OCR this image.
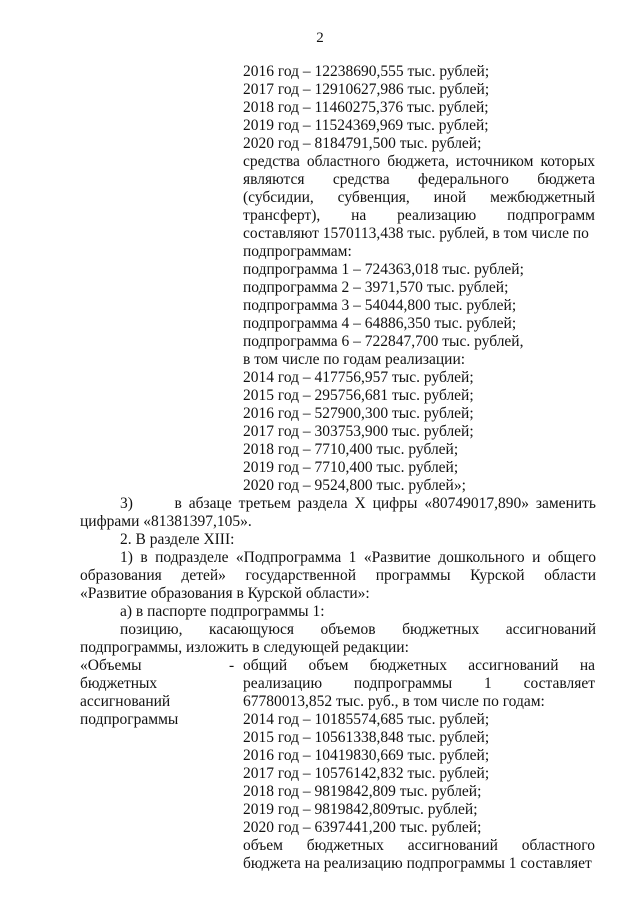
2
2016 год – 12238690,555 тыс. рублей;
2017 год – 12910627,986 тыс. рублей;
2018 год – 11460275,376 тыс. рублей;
2019 год – 11524369,969 тыс. рублей;
2020 год – 8184791,500 тыс. рублей;
средства областного бюджета, источником которых
являются средства федерального бюджета
(субсидии, субвенция, иной межбюджетный
трансферт), на реализацию подпрограмм
составляют 1570113,438 тыс. рублей, в том числе по
подпрограммам:
подпрограмма 1 – 724363,018 тыс. рублей;
подпрограмма 2 – 3971,570 тыс. рублей;
подпрограмма 3 – 54044,800 тыс. рублей;
подпрограмма 4 – 64886,350 тыс. рублей;
подпрограмма 6 – 722847,700 тыс. рублей,
в том числе по годам реализации:
2014 год – 417756,957 тыс. рублей;
2015 год – 295756,681 тыс. рублей;
2016 год – 527900,300 тыс. рублей;
2017 год – 303753,900 тыс. рублей;
2018 год – 7710,400 тыс. рублей;
2019 год – 7710,400 тыс. рублей;
2020 год – 9524,800 тыс. рублей»;
3)      в абзаце третьем раздела X цифры «80749017,890» заменить
цифрами «81381397,105».
2. В разделе XIII:
1) в подразделе «Подпрограмма 1 «Развитие дошкольного и общего
образования детей» государственной программы Курской области
«Развитие образования в Курской области»:
а) в паспорте подпрограммы 1:
позицию, касающуюся объемов бюджетных ассигнований
подпрограммы, изложить в следующей редакции:
«Объемы
бюджетных
ассигнований
подпрограммы
- общий объем бюджетных ассигнований на
реализацию подпрограммы 1 составляет
67780013,852 тыс. руб., в том числе по годам:
2014 год – 10185574,685 тыс. рублей;
2015 год – 10561338,848 тыс. рублей;
2016 год – 10419830,669 тыс. рублей;
2017 год – 10576142,832 тыс. рублей;
2018 год – 9819842,809 тыс. рублей;
2019 год – 9819842,809тыс. рублей;
2020 год – 6397441,200 тыс. рублей;
объем бюджетных ассигнований областного
бюджета на реализацию подпрограммы 1 составляет
